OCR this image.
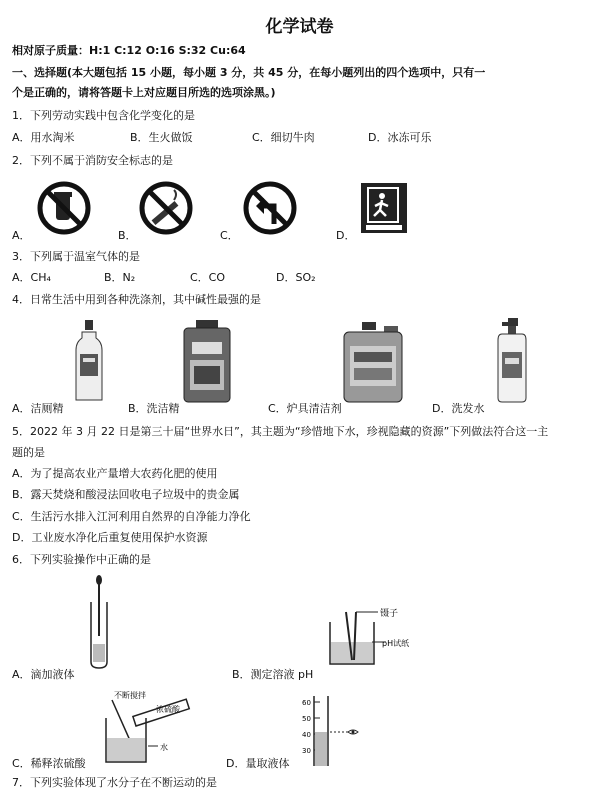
化学试卷
相对原子质量：H:1 C:12 O:16 S:32 Cu:64
一、选择题(本大题包括 15 小题，每小题 3 分，共 45 分，在每小题列出的四个选项中，只有一
个是正确的，请将答题卡上对应题目所选的选项涂黑。)
1．下列劳动实践中包含化学变化的是
A．用水淘米	B．生火做饭	C．细切牛肉	D．冰冻可乐
2．下列不属于消防安全标志的是
A．	B．	C．	D．
3．下列属于温室气体的是
A．CH₄	B．N₂	C．CO	D．SO₂
4．日常生活中用到各种洗涤剂，其中碱性最强的是
A．洁厕精	B．洗洁精	C．炉具清洁剂	D．洗发水
5．2022 年 3 月 22 日是第三十届“世界水日”，其主题为“珍惜地下水，珍视隐藏的资源”下列做法符合这一主
题的是
A．为了提高农业产量增大农药化肥的使用
B．露天焚烧和酸浸法回收电子垃圾中的贵金属
C．生活污水排入江河利用自然界的自净能力净化
D．工业废水净化后重复使用保护水资源
6．下列实验操作中正确的是
镊子
pH试纸
A．滴加液体	B．测定溶液 pH
不断搅拌
浓硫酸
水
60
50
40
30
C．稀释浓硫酸	D．量取液体
7．下列实验体现了水分子在不断运动的是
